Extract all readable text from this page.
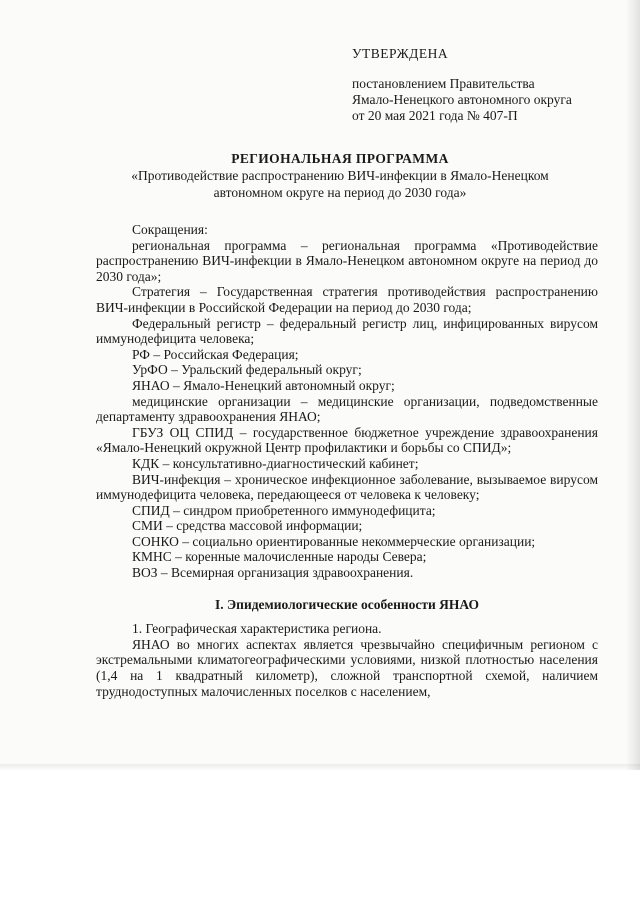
УТВЕРЖДЕНА
постановлением Правительства
Ямало-Ненецкого автономного округа
от 20 мая 2021 года № 407-П
РЕГИОНАЛЬНАЯ ПРОГРАММА
«Противодействие распространению ВИЧ-инфекции в Ямало-Ненецком
автономном округе на период до 2030 года»

Сокращения:

региональная программа – региональная программа «Противодействие распространению ВИЧ-инфекции в Ямало-Ненецком автономном округе на период до 2030 года»;

Стратегия – Государственная стратегия противодействия распространению ВИЧ-инфекции в Российской Федерации на период до 2030 года;

Федеральный регистр – федеральный регистр лиц, инфицированных вирусом иммунодефицита человека;

РФ – Российская Федерация;

УрФО – Уральский федеральный округ;

ЯНАО – Ямало-Ненецкий автономный округ;

медицинские организации – медицинские организации, подведомственные департаменту здравоохранения ЯНАО;

ГБУЗ ОЦ СПИД – государственное бюджетное учреждение здравоохранения «Ямало-Ненецкий окружной Центр профилактики и борьбы со СПИД»;

КДК – консультативно-диагностический кабинет;

ВИЧ-инфекция – хроническое инфекционное заболевание, вызываемое вирусом иммунодефицита человека, передающееся от человека к человеку;

СПИД – синдром приобретенного иммунодефицита;

СМИ – средства массовой информации;

СОНКО – социально ориентированные некоммерческие организации;

КМНС – коренные малочисленные народы Севера;

ВОЗ – Всемирная организация здравоохранения.

I. Эпидемиологические особенности ЯНАО

1. Географическая характеристика региона.

ЯНАО во многих аспектах является чрезвычайно специфичным регионом с экстремальными климатогеографическими условиями, низкой плотностью населения (1,4 на 1 квадратный километр), сложной транспортной схемой, наличием труднодоступных малочисленных поселков с населением,
